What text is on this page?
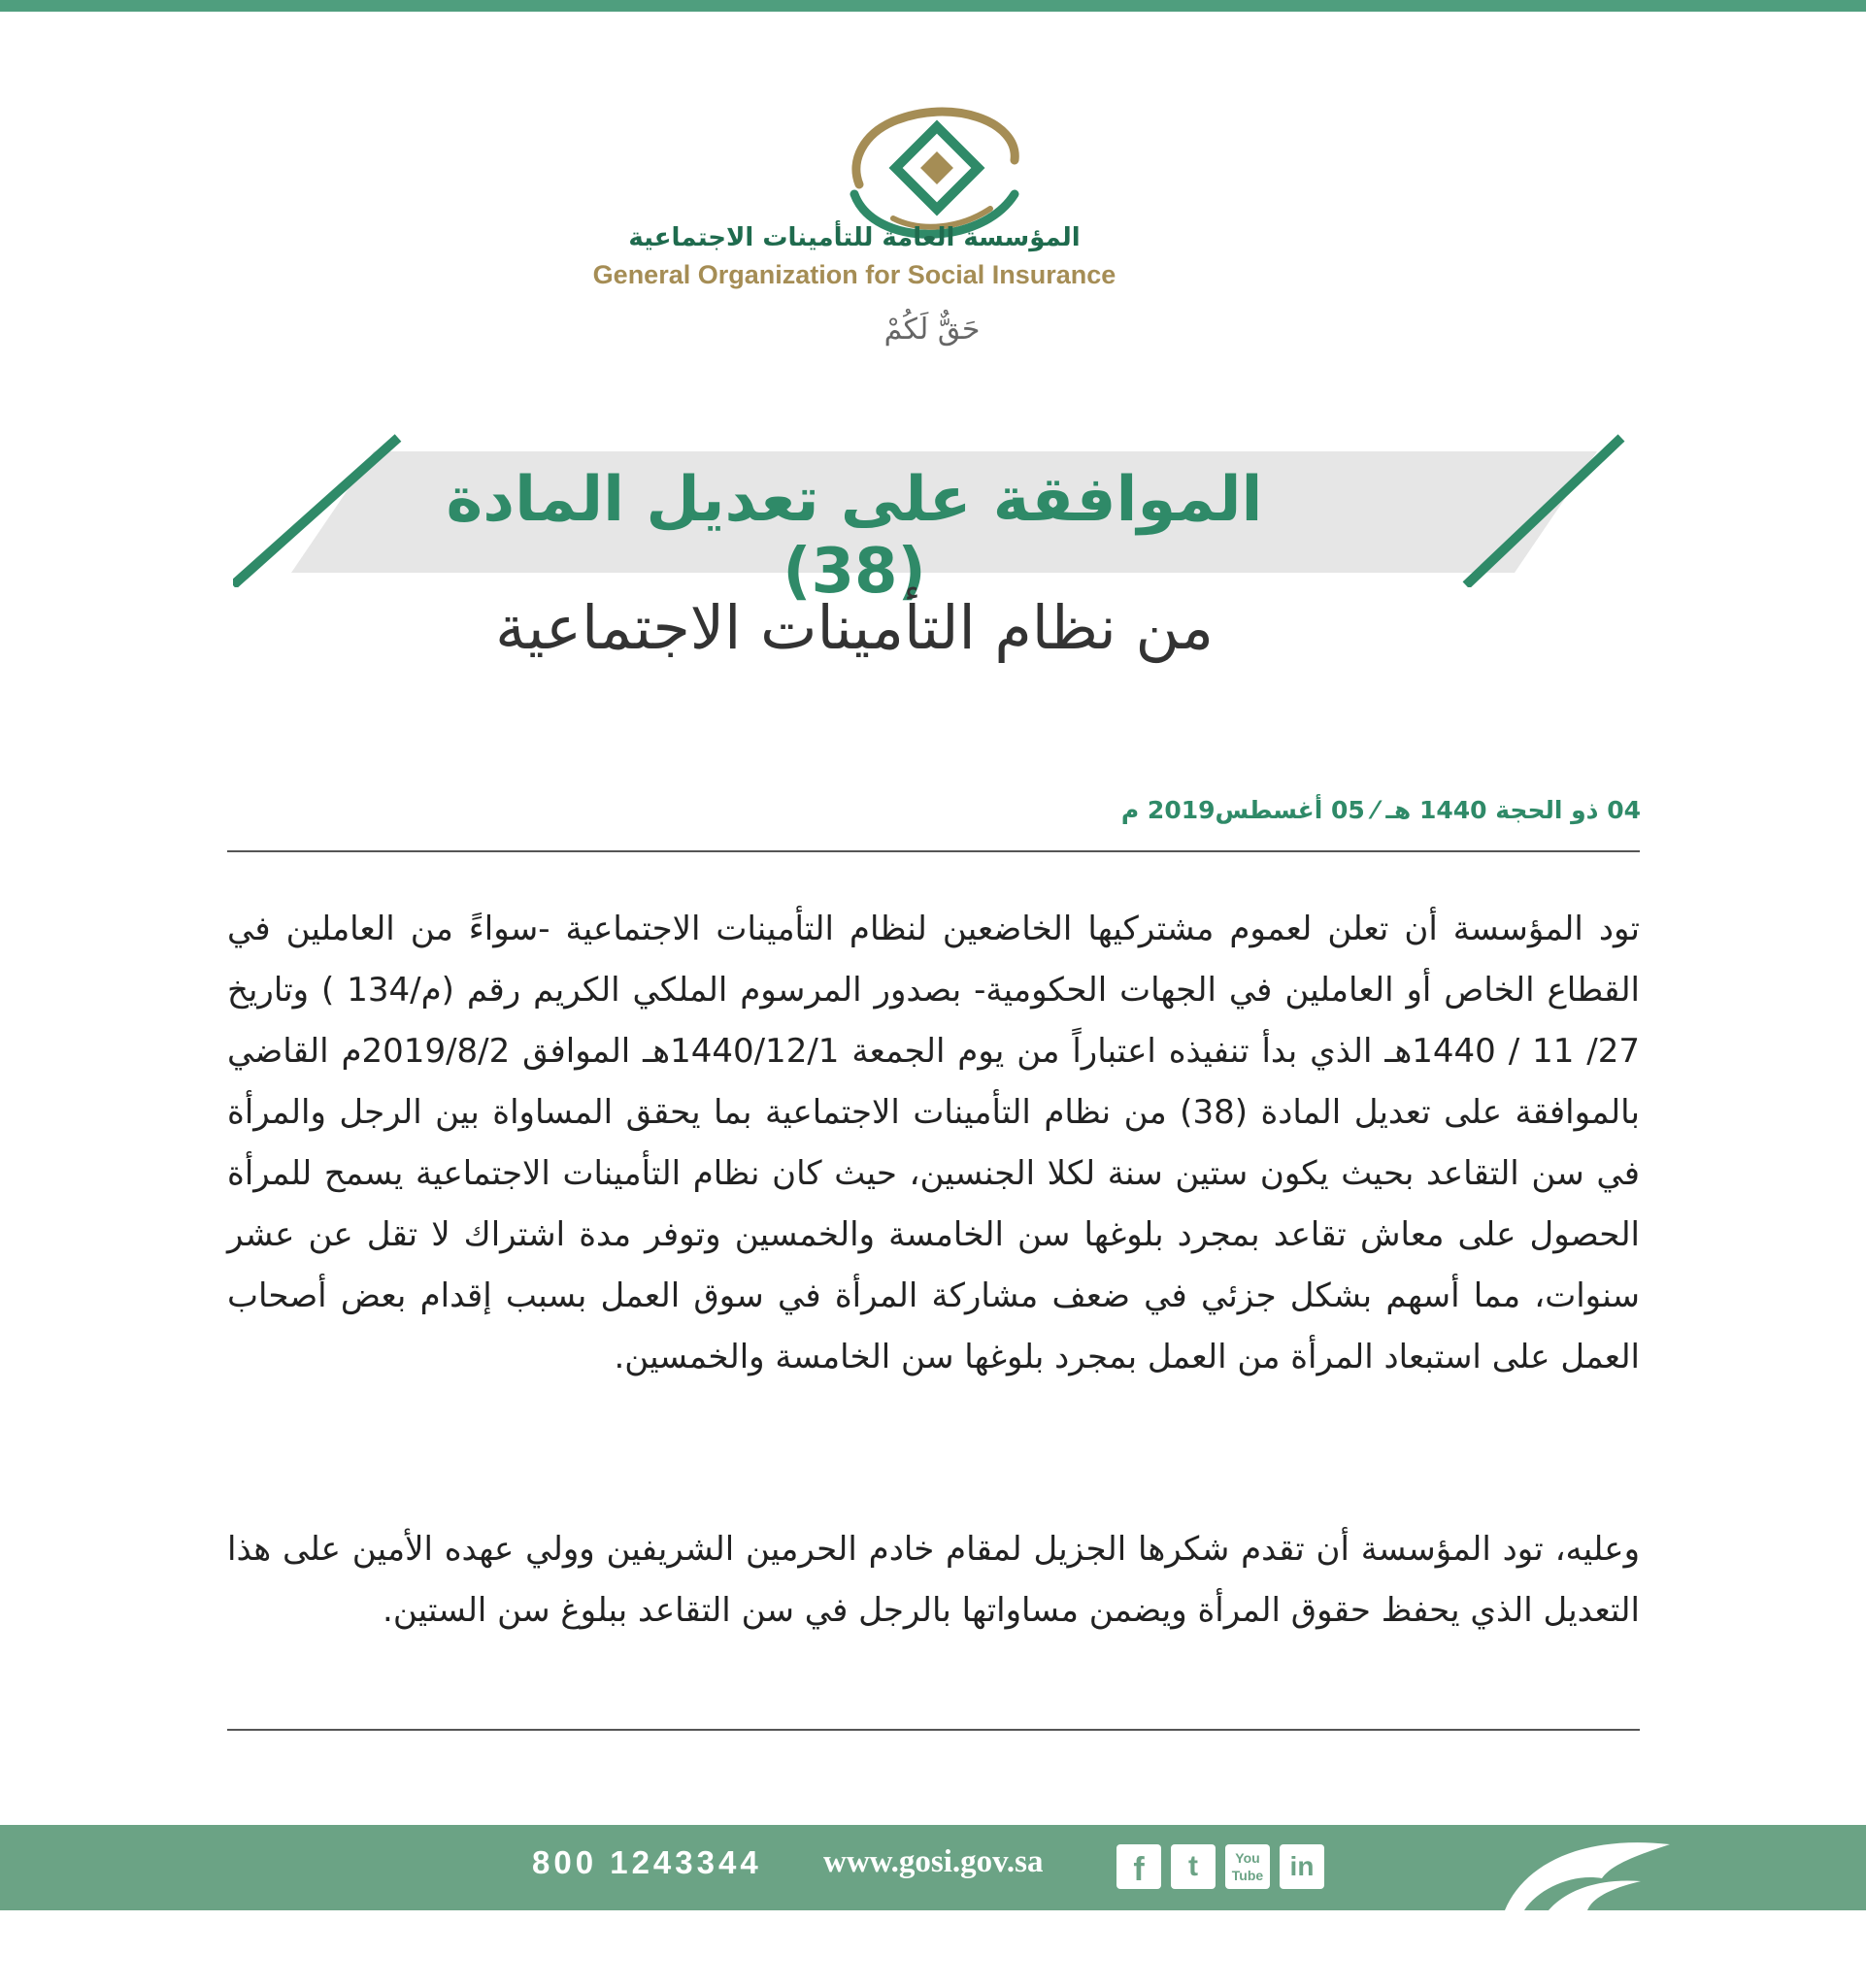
المؤسسة العامة للتأمينات الاجتماعية
General Organization for Social Insurance
حَقٌّ لَكُمْ
الموافقة على تعديل المادة (38)
من نظام التأمينات الاجتماعية
04 ذو الحجة 1440 هـ ⁄ 05 أغسطس2019 م
تود المؤسسة أن تعلن لعموم مشتركيها الخاضعين لنظام التأمينات الاجتماعية -سواءً من العاملين في القطاع الخاص أو العاملين في الجهات الحكومية- بصدور المرسوم الملكي الكريم رقم (م/134 ) وتاريخ 27/ 11 / 1440هـ الذي بدأ تنفيذه اعتباراً من يوم الجمعة 1440/12/1هـ الموافق 2019/8/2م القاضي بالموافقة على تعديل المادة (38) من نظام التأمينات الاجتماعية بما يحقق المساواة بين الرجل والمرأة في سن التقاعد بحيث يكون ستين سنة لكلا الجنسين، حيث كان نظام التأمينات الاجتماعية يسمح للمرأة الحصول على معاش تقاعد بمجرد بلوغها سن الخامسة والخمسين وتوفر مدة اشتراك لا تقل عن عشر سنوات، مما أسهم بشكل جزئي في ضعف مشاركة المرأة في سوق العمل بسبب إقدام بعض أصحاب العمل على استبعاد المرأة من العمل بمجرد بلوغها سن الخامسة والخمسين.
وعليه، تود المؤسسة أن تقدم شكرها الجزيل لمقام خادم الحرمين الشريفين وولي عهده الأمين على هذا التعديل الذي يحفظ حقوق المرأة ويضمن مساواتها بالرجل في سن التقاعد ببلوغ سن الستين.
800 1243344 www.gosi.gov.sa	f	t	You
Tube in
